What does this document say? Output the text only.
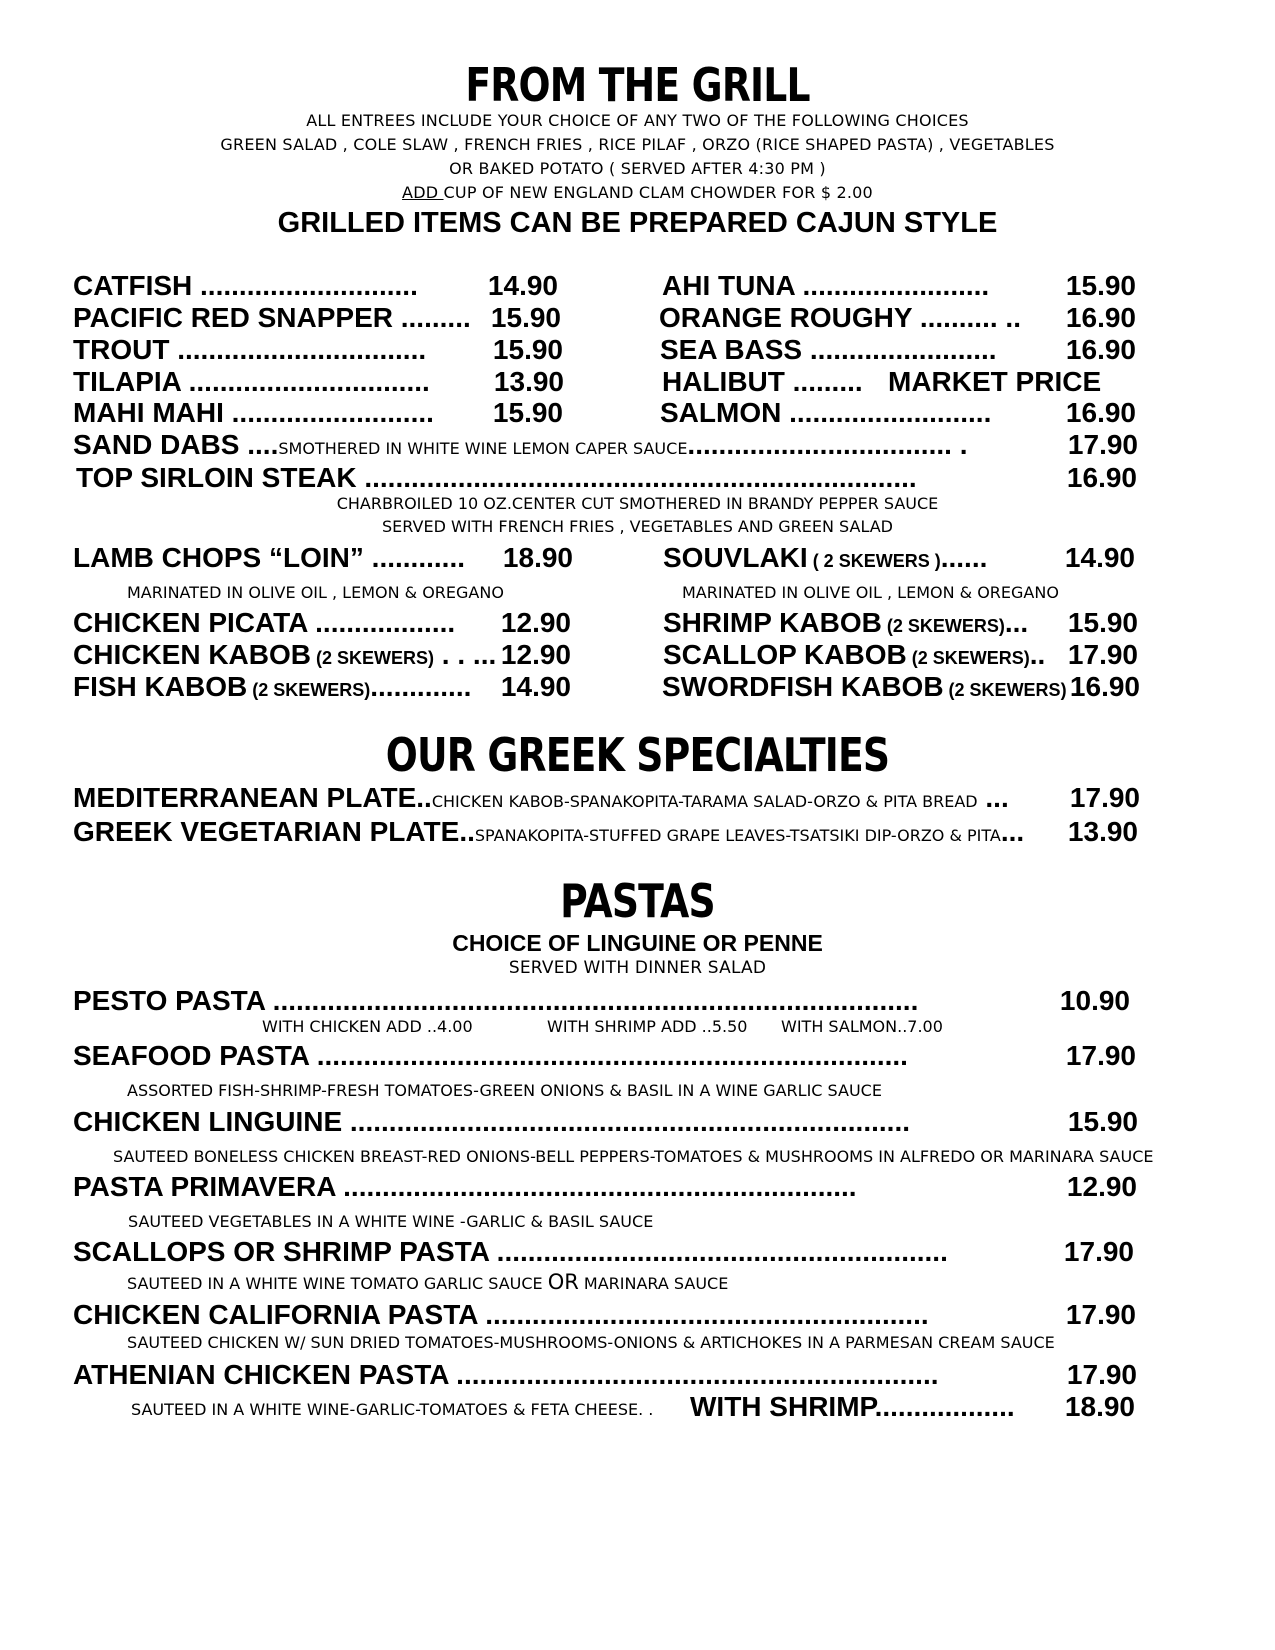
FROM THE GRILL
ALL ENTREES INCLUDE YOUR CHOICE OF ANY TWO OF THE FOLLOWING CHOICES
GREEN SALAD , COLE SLAW , FRENCH FRIES , RICE PILAF , ORZO (RICE SHAPED PASTA) , VEGETABLES
OR BAKED POTATO ( SERVED AFTER 4:30 PM )
ADD CUP OF NEW ENGLAND CLAM CHOWDER FOR $ 2.00
GRILLED ITEMS CAN BE PREPARED CAJUN STYLE
CATFISH ............................	14.90
PACIFIC RED SNAPPER ......... 15.90
TROUT ................................	15.90
TILAPIA ...............................	13.90
MAHI MAHI ..........................	15.90
AHI TUNA ........................	15.90
ORANGE ROUGHY .......... ..	16.90
SEA BASS ........................	16.90
HALIBUT ......... MARKET PRICE
SALMON ..........................	16.90
SAND DABS ....SMOTHERED IN WHITE WINE LEMON CAPER SAUCE.................................. .	17.90
TOP SIRLOIN STEAK .......................................................................	16.90
CHARBROILED 10 OZ.CENTER CUT SMOTHERED IN BRANDY PEPPER SAUCE
SERVED WITH FRENCH FRIES , VEGETABLES AND GREEN SALAD
LAMB CHOPS “LOIN” ............	18.90
MARINATED IN OLIVE OIL , LEMON & OREGANO
SOUVLAKI ( 2 SKEWERS )......	14.90
MARINATED IN OLIVE OIL , LEMON & OREGANO
CHICKEN PICATA ..................	12.90
CHICKEN KABOB (2 SKEWERS) . . ... 12.90
FISH KABOB (2 SKEWERS).............	14.90
SHRIMP KABOB (2 SKEWERS)...	15.90
SCALLOP KABOB (2 SKEWERS).. 17.90
SWORDFISH KABOB (2 SKEWERS) 16.90
OUR GREEK SPECIALTIES
MEDITERRANEAN PLATE..CHICKEN KABOB-SPANAKOPITA-TARAMA SALAD-ORZO & PITA BREAD ...	17.90
GREEK VEGETARIAN PLATE..SPANAKOPITA-STUFFED GRAPE LEAVES-TSATSIKI DIP-ORZO & PITA...	13.90
PASTAS
CHOICE OF LINGUINE OR PENNE
SERVED WITH DINNER SALAD
PESTO PASTA ...................................................................................	10.90
WITH CHICKEN ADD ..4.00	WITH SHRIMP ADD ..5.50 WITH SALMON..7.00
SEAFOOD PASTA ............................................................................	17.90
ASSORTED FISH-SHRIMP-FRESH TOMATOES-GREEN ONIONS & BASIL IN A WINE GARLIC SAUCE
CHICKEN LINGUINE ........................................................................	15.90
SAUTEED BONELESS CHICKEN BREAST-RED ONIONS-BELL PEPPERS-TOMATOES & MUSHROOMS IN ALFREDO OR MARINARA SAUCE
PASTA PRIMAVERA ..................................................................	12.90
SAUTEED VEGETABLES IN A WHITE WINE -GARLIC & BASIL SAUCE
SCALLOPS OR SHRIMP PASTA ..........................................................	17.90
SAUTEED IN A WHITE WINE TOMATO GARLIC SAUCE OR MARINARA SAUCE
CHICKEN CALIFORNIA PASTA .........................................................	17.90
SAUTEED CHICKEN W/ SUN DRIED TOMATOES-MUSHROOMS-ONIONS & ARTICHOKES IN A PARMESAN CREAM SAUCE
ATHENIAN CHICKEN PASTA ..............................................................	17.90
SAUTEED IN A WHITE WINE-GARLIC-TOMATOES & FETA CHEESE. . WITH SHRIMP..................	18.90
